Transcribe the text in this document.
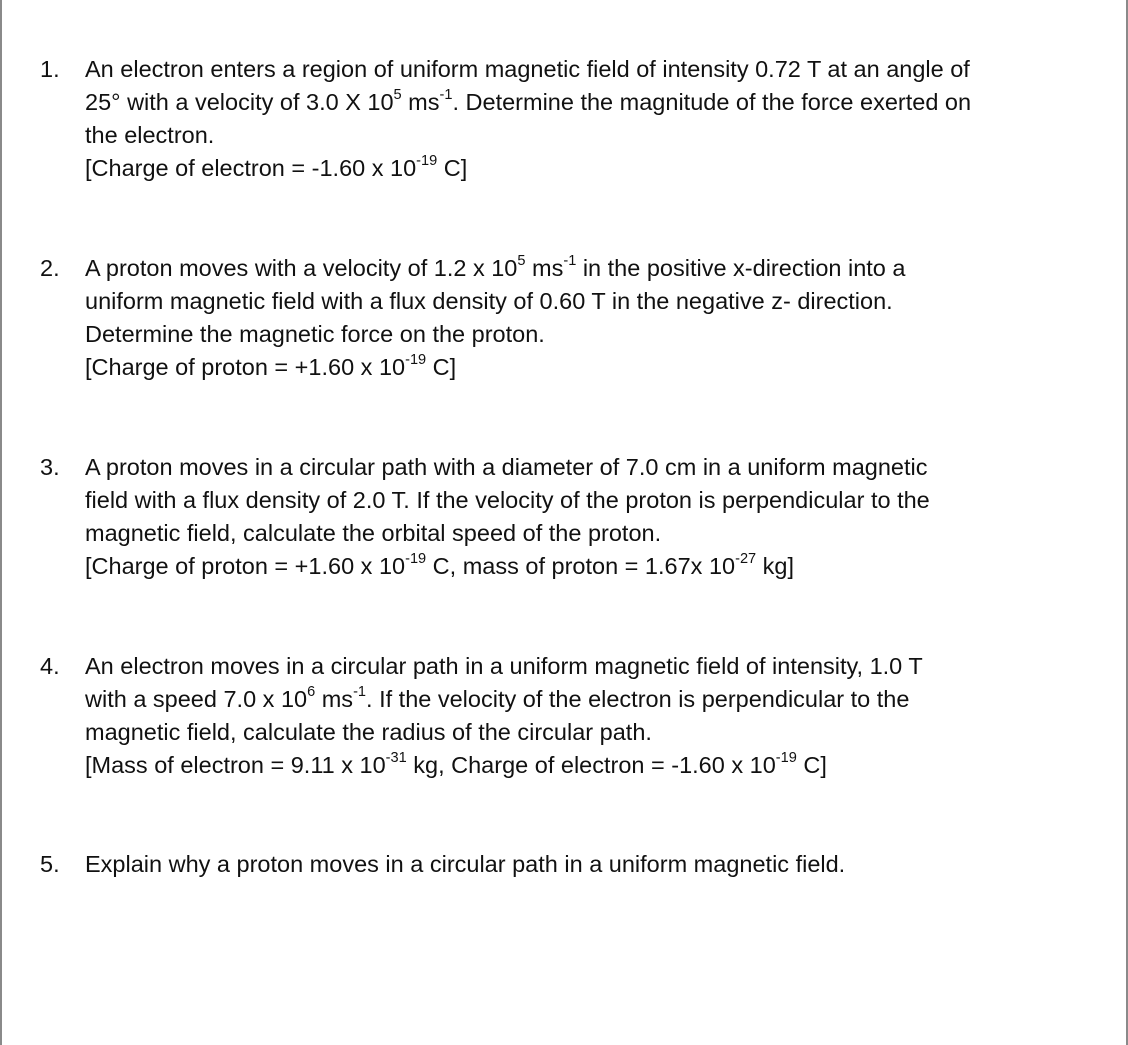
1. An electron enters a region of uniform magnetic field of intensity 0.72 T at an angle of
25° with a velocity of 3.0 X $10^5$ $ms^{-1}$. Determine the magnitude of the force exerted on
the electron.
[Charge of electron = -1.60 x $10^{-19}$ C]
2. A proton moves with a velocity of 1.2 x $10^5$ $ms^{-1}$ in the positive x-direction into a
uniform magnetic field with a flux density of 0.60 T in the negative z- direction.
Determine the magnetic force on the proton.
[Charge of proton = +1.60 x $10^{-19}$ C]
3. A proton moves in a circular path with a diameter of 7.0 cm in a uniform magnetic
field with a flux density of 2.0 T. If the velocity of the proton is perpendicular to the
magnetic field, calculate the orbital speed of the proton.
[Charge of proton = +1.60 x $10^{-19}$ C, mass of proton = 1.67x $10^{-27}$ kg]
4. An electron moves in a circular path in a uniform magnetic field of intensity, 1.0 T
with a speed 7.0 x $10^6$ $ms^{-1}$. If the velocity of the electron is perpendicular to the
magnetic field, calculate the radius of the circular path.
[Mass of electron = 9.11 x $10^{-31}$ kg, Charge of electron = -1.60 x $10^{-19}$ C]
5. Explain why a proton moves in a circular path in a uniform magnetic field.
